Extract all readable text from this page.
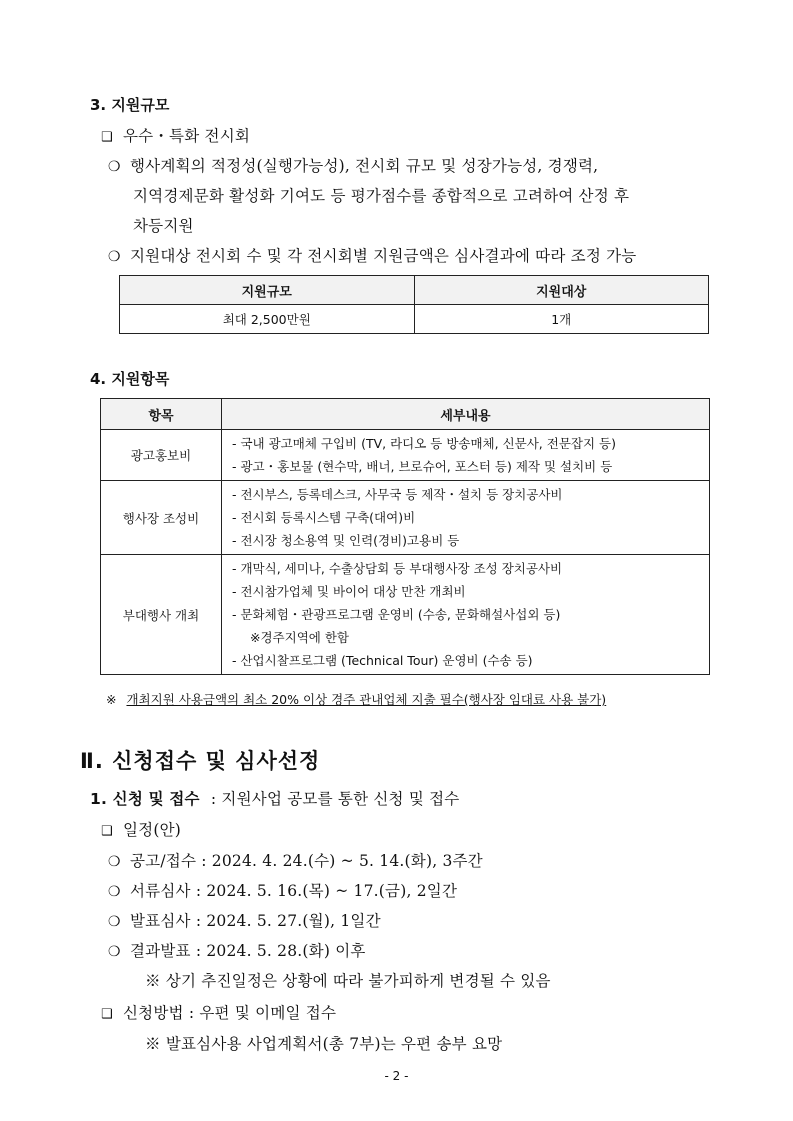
3. 지원규모
❑ 우수・특화 전시회
❍ 행사계획의 적정성(실행가능성), 전시회 규모 및 성장가능성, 경쟁력,
지역경제문화 활성화 기여도 등 평가점수를 종합적으로 고려하여 산정 후
차등지원
❍ 지원대상 전시회 수 및 각 전시회별 지원금액은 심사결과에 따라 조정 가능
지원규모	지원대상
최대 2,500만원	1개
4. 지원항목
항목	세부내용
광고홍보비	- 국내 광고매체 구입비 (TV, 라디오 등 방송매체, 신문사, 전문잡지 등)
- 광고・홍보물 (현수막, 배너, 브로슈어, 포스터 등) 제작 및 설치비 등

행사장 조성비	- 전시부스, 등록데스크, 사무국 등 제작・설치 등 장치공사비
- 전시회 등록시스템 구축(대여)비
- 전시장 청소용역 및 인력(경비)고용비 등

부대행사 개최	- 개막식, 세미나, 수출상담회 등 부대행사장 조성 장치공사비
- 전시참가업체 및 바이어 대상 만찬 개최비
- 문화체험・관광프로그램 운영비 (수송, 문화해설사섭외 등)
※경주지역에 한함
- 산업시찰프로그램 (Technical Tour) 운영비 (수송 등)
※ 개최지원 사용금액의 최소 20% 이상 경주 관내업체 지출 필수(행사장 임대료 사용 불가)
Ⅱ. 신청접수 및 심사선정
1. 신청 및 접수 : 지원사업 공모를 통한 신청 및 접수
❑ 일정(안)
❍ 공고/접수 : 2024. 4. 24.(수) ~ 5. 14.(화), 3주간
❍ 서류심사 : 2024. 5. 16.(목) ~ 17.(금), 2일간
❍ 발표심사 : 2024. 5. 27.(월), 1일간
❍ 결과발표 : 2024. 5. 28.(화) 이후
※ 상기 추진일정은 상황에 따라 불가피하게 변경될 수 있음
❑ 신청방법 : 우편 및 이메일 접수
※ 발표심사용 사업계획서(총 7부)는 우편 송부 요망
- 2 -
